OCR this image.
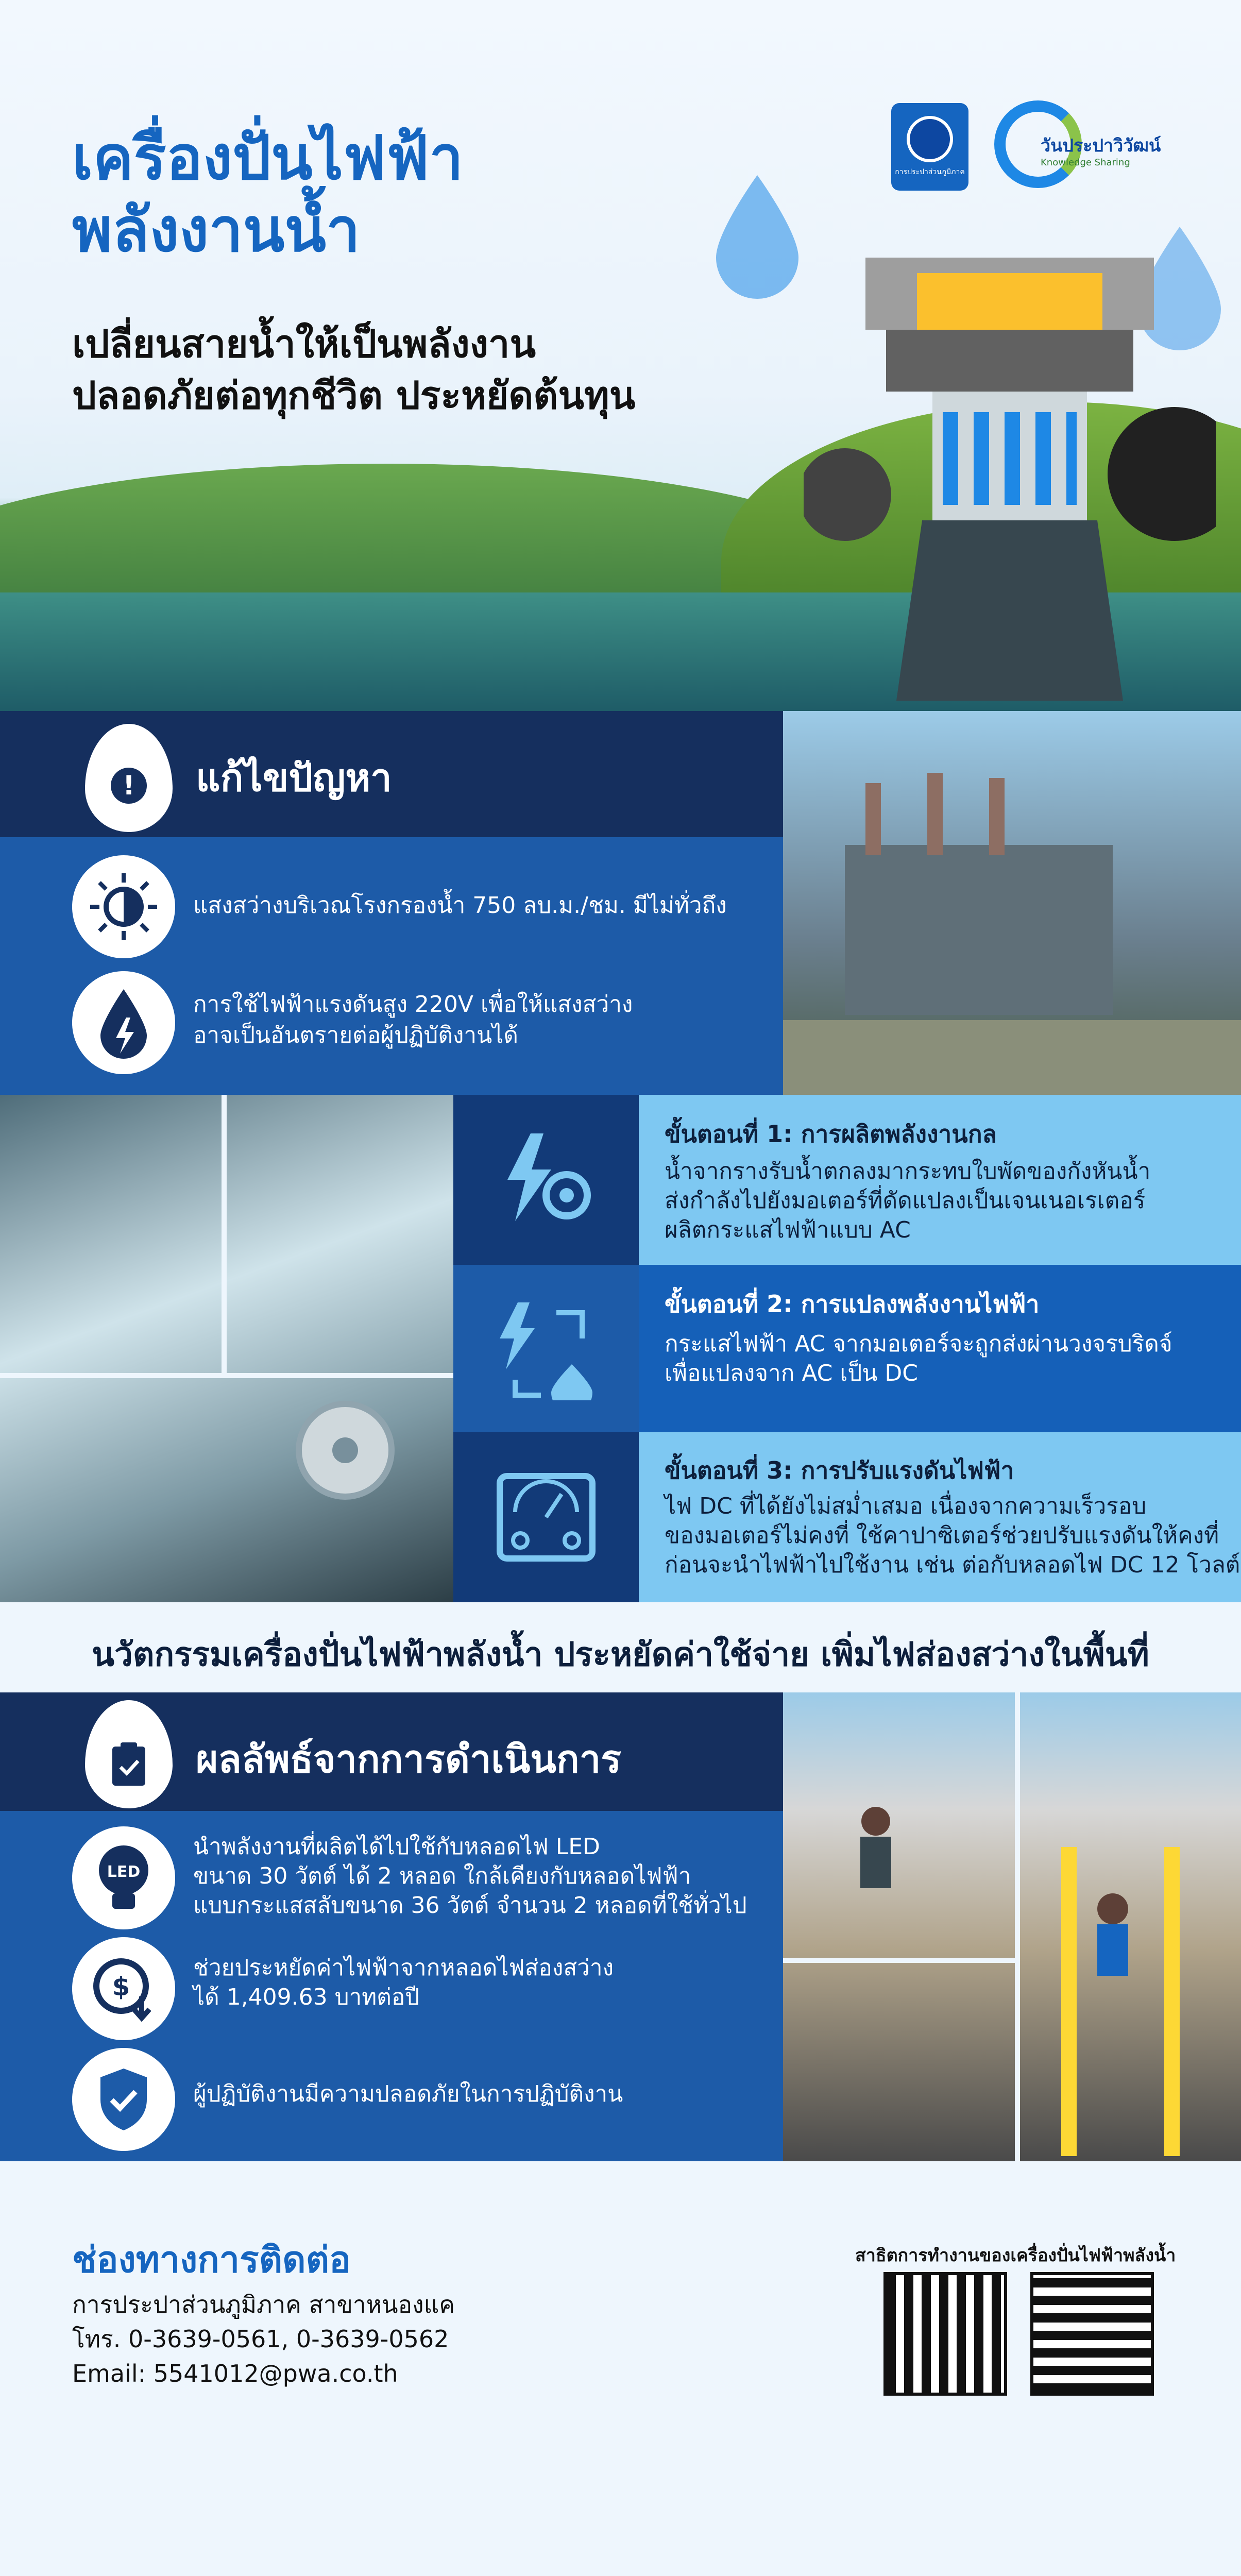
เครื่องปั่นไฟฟ้า
พลังงานน้ำ
เปลี่ยนสายน้ำให้เป็นพลังงาน
ปลอดภัยต่อทุกชีวิต ประหยัดต้นทุน
การประปาส่วนภูมิภาค
วันประปาวิวัฒน์
Knowledge Sharing
!	แก้ไขปัญหา
แสงสว่างบริเวณโรงกรองน้ำ 750 ลบ.ม./ชม. มีไม่ทั่วถึง
การใช้ไฟฟ้าแรงดันสูง 220V เพื่อให้แสงสว่าง
อาจเป็นอันตรายต่อผู้ปฏิบัติงานได้
ขั้นตอนที่ 1: การผลิตพลังงานกล
น้ำจากรางรับน้ำตกลงมากระทบใบพัดของกังหันน้ำ
ส่งกำลังไปยังมอเตอร์ที่ดัดแปลงเป็นเจนเนอเรเตอร์
ผลิตกระแสไฟฟ้าแบบ AC
ขั้นตอนที่ 2: การแปลงพลังงานไฟฟ้า
กระแสไฟฟ้า AC จากมอเตอร์จะถูกส่งผ่านวงจรบริดจ์
เพื่อแปลงจาก AC เป็น DC
ขั้นตอนที่ 3: การปรับแรงดันไฟฟ้า
ไฟ DC ที่ได้ยังไม่สม่ำเสมอ เนื่องจากความเร็วรอบ
ของมอเตอร์ไม่คงที่ ใช้คาปาซิเตอร์ช่วยปรับแรงดันให้คงที่
ก่อนจะนำไฟฟ้าไปใช้งาน เช่น ต่อกับหลอดไฟ DC 12 โวลต์
นวัตกรรมเครื่องปั่นไฟฟ้าพลังน้ำ ประหยัดค่าใช้จ่าย เพิ่มไฟส่องสว่างในพื้นที่
ผลลัพธ์จากการดำเนินการ
LED
นำพลังงานที่ผลิตได้ไปใช้กับหลอดไฟ LED
ขนาด 30 วัตต์ ได้ 2 หลอด ใกล้เคียงกับหลอดไฟฟ้า
แบบกระแสสลับขนาด 36 วัตต์ จำนวน 2 หลอดที่ใช้ทั่วไป
$
ช่วยประหยัดค่าไฟฟ้าจากหลอดไฟส่องสว่าง
ได้ 1,409.63 บาทต่อปี
ผู้ปฏิบัติงานมีความปลอดภัยในการปฏิบัติงาน
ช่องทางการติดต่อ
การประปาส่วนภูมิภาค สาขาหนองแค
โทร. 0-3639-0561, 0-3639-0562
Email: 5541012@pwa.co.th
สาธิตการทำงานของเครื่องปั่นไฟฟ้าพลังน้ำ
